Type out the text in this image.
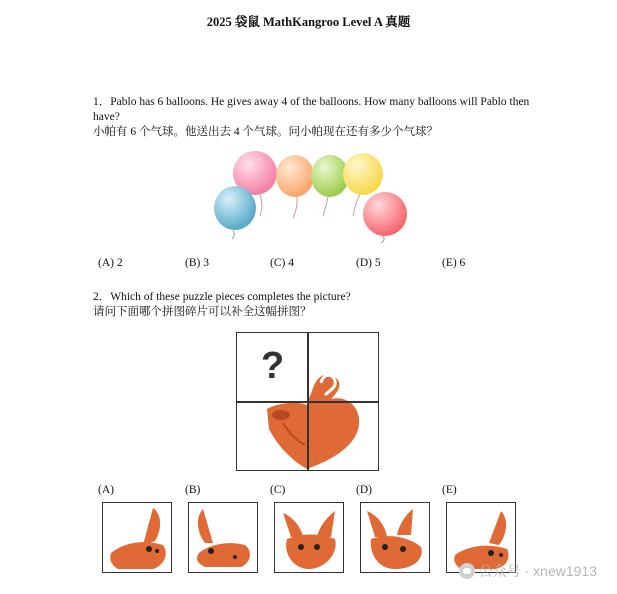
2025 袋鼠 MathKangroo Level A 真题
1．Pablo has 6 balloons. He gives away 4 of the balloons. How many balloons will Pablo then have?
小帕有 6 个气球。他送出去 4 个气球。问小帕现在还有多少个气球？
(A) 2	(B) 3	(C) 4	(D) 5	(E) 6
2．Which of these puzzle pieces completes the picture?
请问下面哪个拼图碎片可以补全这幅拼图？
?
(A)	(B)	(C)	(D)	(E)
公众号 · xnew1913
